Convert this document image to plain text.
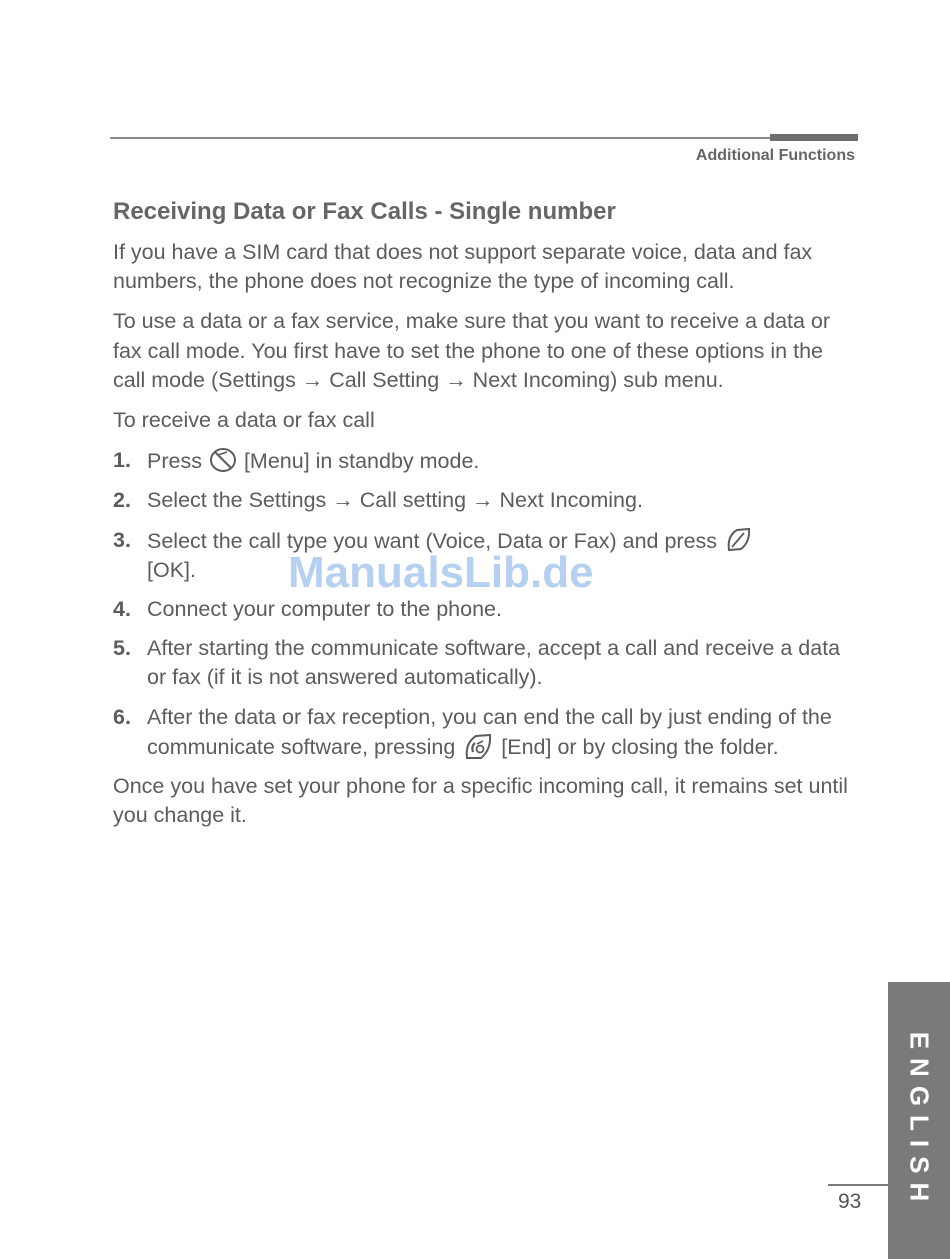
Additional Functions
Receiving Data or Fax Calls - Single number

If you have a SIM card that does not support separate voice, data and fax numbers, the phone does not recognize the type of incoming call.

To use a data or a fax service, make sure that you want to receive a data or fax call mode. You first have to set the phone to one of these options in the call mode (Settings → Call Setting → Next Incoming) sub menu.

To receive a data or fax call

1. Press [Menu] in standby mode.
2. Select the Settings → Call setting → Next Incoming.
3. Select the call type you want (Voice, Data or Fax) and press
[OK].
4. Connect your computer to the phone.
5. After starting the communicate software, accept a call and receive a data or fax (if it is not answered automatically).
6. After the data or fax reception, you can end the call by just ending of the communicate software, pressing [End] or by closing the folder.

Once you have set your phone for a specific incoming call, it remains set until you change it.

ManualsLib.de
ENGLISH
93
